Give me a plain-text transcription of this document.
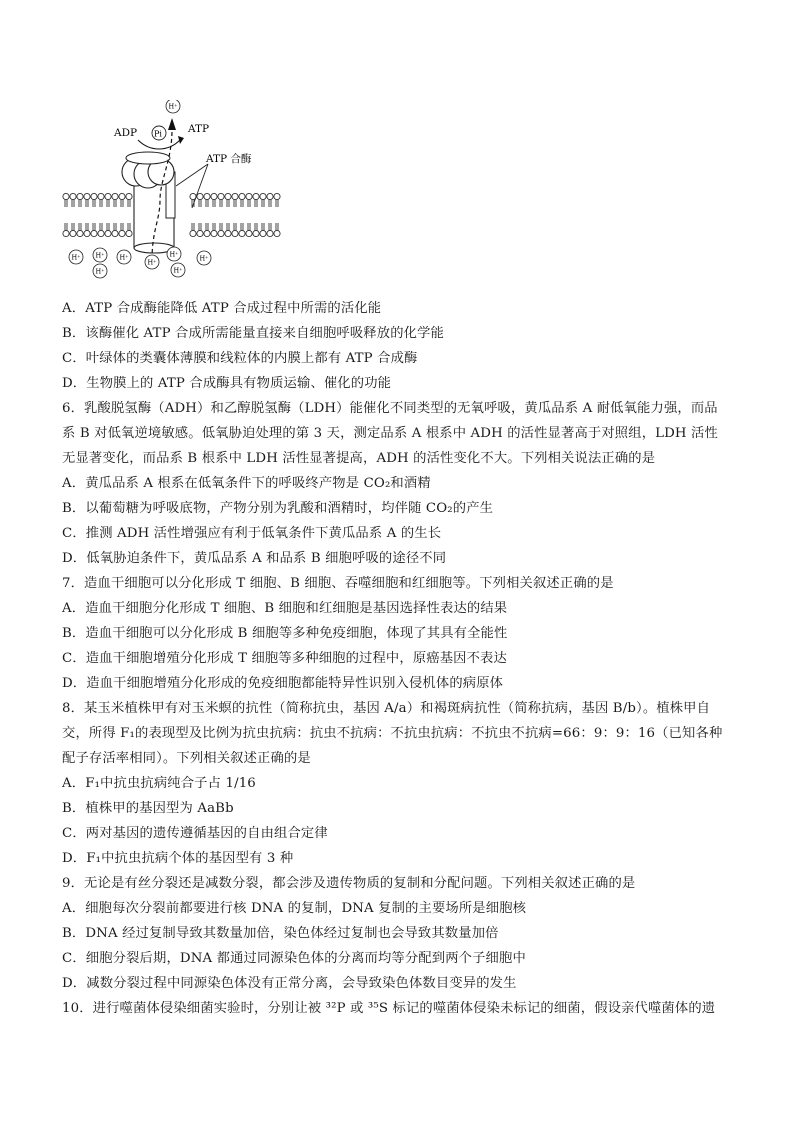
ADP Pi ATP
ATP 合酶
H⁺
H⁺ H⁺ H⁺
H⁺
H⁺
H⁺
H⁺
H⁺
A．ATP 合成酶能降低 ATP 合成过程中所需的活化能
B．该酶催化 ATP 合成所需能量直接来自细胞呼吸释放的化学能
C．叶绿体的类囊体薄膜和线粒体的内膜上都有 ATP 合成酶
D．生物膜上的 ATP 合成酶具有物质运输、催化的功能
6．乳酸脱氢酶（ADH）和乙醇脱氢酶（LDH）能催化不同类型的无氧呼吸，黄瓜品系 A 耐低氧能力强，而品
系 B 对低氧逆境敏感。低氧胁迫处理的第 3 天，测定品系 A 根系中 ADH 的活性显著高于对照组，LDH 活性
无显著变化，而品系 B 根系中 LDH 活性显著提高，ADH 的活性变化不大。下列相关说法正确的是
A．黄瓜品系 A 根系在低氧条件下的呼吸终产物是 CO₂和酒精
B．以葡萄糖为呼吸底物，产物分别为乳酸和酒精时，均伴随 CO₂的产生
C．推测 ADH 活性增强应有利于低氧条件下黄瓜品系 A 的生长
D．低氧胁迫条件下，黄瓜品系 A 和品系 B 细胞呼吸的途径不同
7．造血干细胞可以分化形成 T 细胞、B 细胞、吞噬细胞和红细胞等。下列相关叙述正确的是
A．造血干细胞分化形成 T 细胞、B 细胞和红细胞是基因选择性表达的结果
B．造血干细胞可以分化形成 B 细胞等多种免疫细胞，体现了其具有全能性
C．造血干细胞增殖分化形成 T 细胞等多种细胞的过程中，原癌基因不表达
D．造血干细胞增殖分化形成的免疫细胞都能特异性识别入侵机体的病原体
8．某玉米植株甲有对玉米螟的抗性（简称抗虫，基因 A/a）和褐斑病抗性（简称抗病，基因 B/b）。植株甲自
交，所得 F₁的表现型及比例为抗虫抗病：抗虫不抗病：不抗虫抗病：不抗虫不抗病=66：9：9：16（已知各种
配子存活率相同）。下列相关叙述正确的是
A．F₁中抗虫抗病纯合子占 1/16
B．植株甲的基因型为 AaBb
C．两对基因的遗传遵循基因的自由组合定律
D．F₁中抗虫抗病个体的基因型有 3 种
9．无论是有丝分裂还是减数分裂，都会涉及遗传物质的复制和分配问题。下列相关叙述正确的是
A．细胞每次分裂前都要进行核 DNA 的复制，DNA 复制的主要场所是细胞核
B．DNA 经过复制导致其数量加倍，染色体经过复制也会导致其数量加倍
C．细胞分裂后期，DNA 都通过同源染色体的分离而均等分配到两个子细胞中
D．减数分裂过程中同源染色体没有正常分离，会导致染色体数目变异的发生
10．进行噬菌体侵染细菌实验时，分别让被 ³²P 或 ³⁵S 标记的噬菌体侵染未标记的细菌，假设亲代噬菌体的遗
